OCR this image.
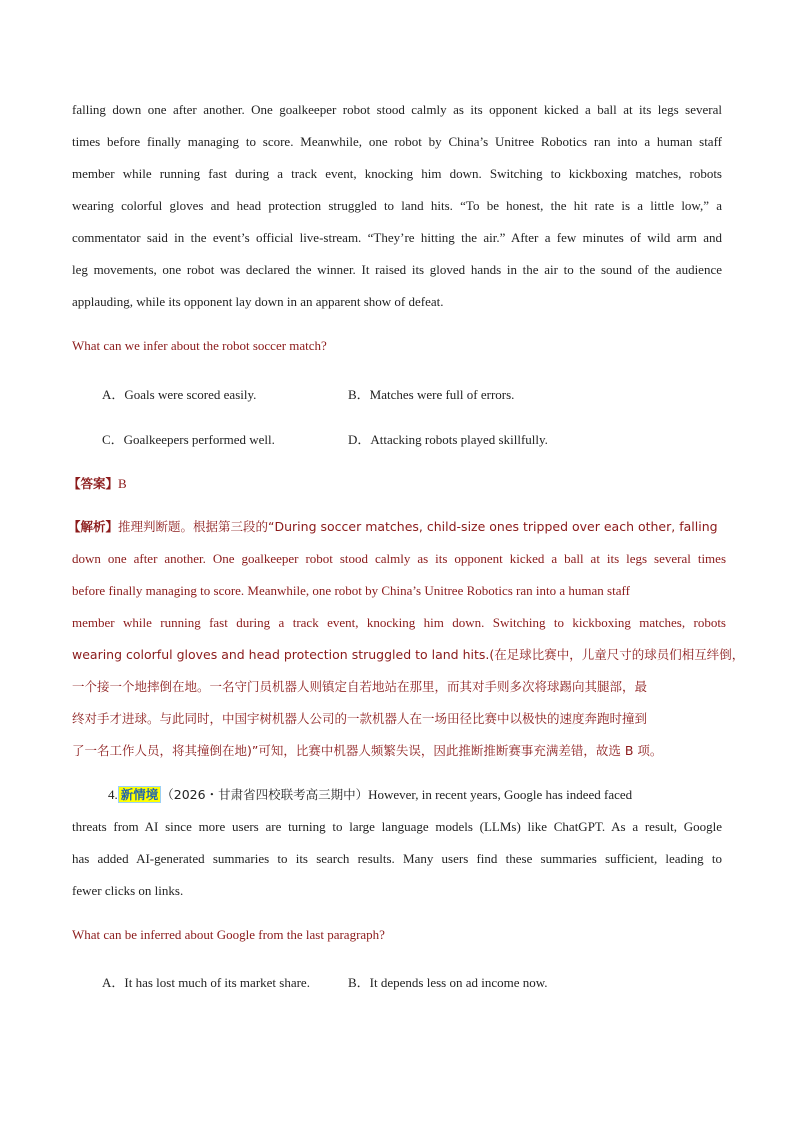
falling down one after another. One goalkeeper robot stood calmly as its opponent kicked a ball at its legs several
times before finally managing to score. Meanwhile, one robot by China’s Unitree Robotics ran into a human staff
member while running fast during a track event, knocking him down. Switching to kickboxing matches, robots
wearing colorful gloves and head protection struggled to land hits. “To be honest, the hit rate is a little low,” a
commentator said in the event’s official live-stream. “They’re hitting the air.” After a few minutes of wild arm and
leg movements, one robot was declared the winner. It raised its gloved hands in the air to the sound of the audience
applauding, while its opponent lay down in an apparent show of defeat.
What can we infer about the robot soccer match?
A．Goals were scored easily.	B．Matches were full of errors.
C．Goalkeepers performed well.	D．Attacking robots played skillfully.
【答案】B
【解析】推理判断题。根据第三段的“During soccer matches, child-size ones tripped over each other, falling
down one after another. One goalkeeper robot stood calmly as its opponent kicked a ball at its legs several times
before finally managing to score. Meanwhile, one robot by China’s Unitree Robotics ran into a human staff
member while running fast during a track event, knocking him down. Switching to kickboxing matches, robots
wearing colorful gloves and head protection struggled to land hits.(在足球比赛中，儿童尺寸的球员们相互绊倒，
一个接一个地摔倒在地。一名守门员机器人则镇定自若地站在那里，而其对手则多次将球踢向其腿部，最
终对手才进球。与此同时，中国宇树机器人公司的一款机器人在一场田径比赛中以极快的速度奔跑时撞到
了一名工作人员，将其撞倒在地)”可知，比赛中机器人频繁失误，因此推断推断赛事充满差错，故选 B 项。
4. 新情境 （2026・甘肃省四校联考高三期中）However, in recent years, Google has indeed faced
threats from AI since more users are turning to large language models (LLMs) like ChatGPT. As a result, Google
has added AI-generated summaries to its search results. Many users find these summaries sufficient, leading to
fewer clicks on links.
What can be inferred about Google from the last paragraph?
A．It has lost much of its market share.	B．It depends less on ad income now.
